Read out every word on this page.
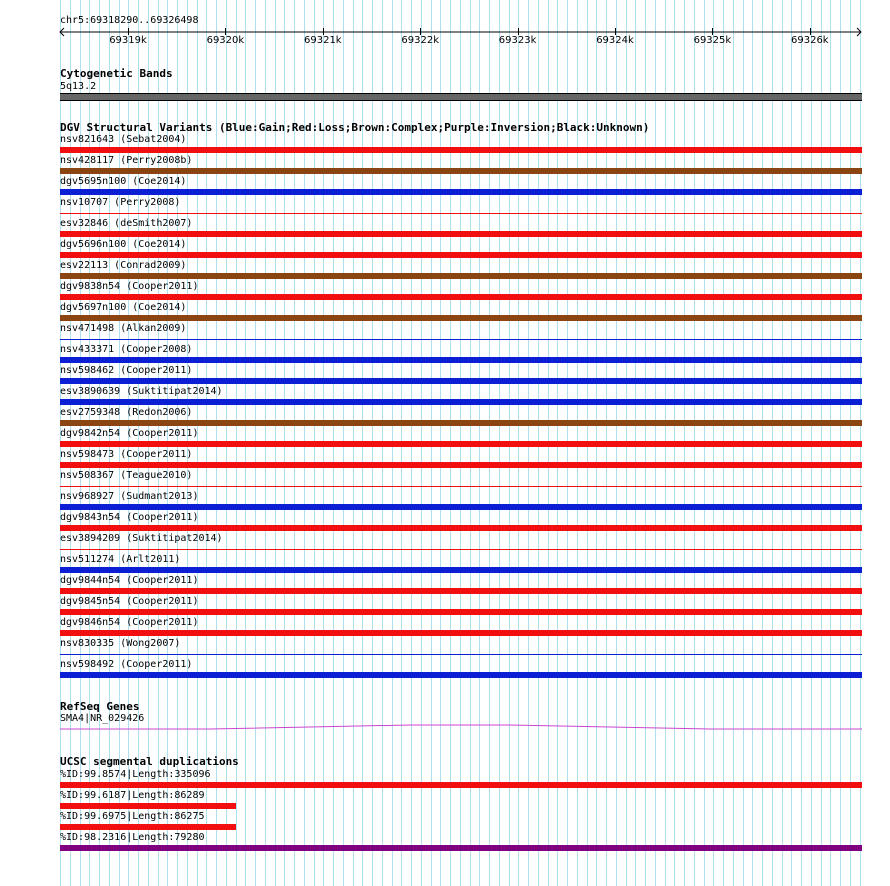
chr5:69318290..69326498
69319k	69320k	69321k	69322k	69323k	69324k	69325k	69326k
Cytogenetic Bands
5q13.2
DGV Structural Variants (Blue:Gain;Red:Loss;Brown:Complex;Purple:Inversion;Black:Unknown)
nsv821643 (Sebat2004)
nsv428117 (Perry2008b)
dgv5695n100 (Coe2014)
nsv10707 (Perry2008)
esv32846 (deSmith2007)
dgv5696n100 (Coe2014)
esv22113 (Conrad2009)
dgv9838n54 (Cooper2011)
dgv5697n100 (Coe2014)
nsv471498 (Alkan2009)
nsv433371 (Cooper2008)
nsv598462 (Cooper2011)
esv3890639 (Suktitipat2014)
esv2759348 (Redon2006)
dgv9842n54 (Cooper2011)
nsv598473 (Cooper2011)
nsv508367 (Teague2010)
nsv968927 (Sudmant2013)
dgv9843n54 (Cooper2011)
esv3894209 (Suktitipat2014)
nsv511274 (Arlt2011)
dgv9844n54 (Cooper2011)
dgv9845n54 (Cooper2011)
dgv9846n54 (Cooper2011)
nsv830335 (Wong2007)
nsv598492 (Cooper2011)
RefSeq Genes
SMA4|NR_029426
UCSC segmental duplications
%ID:99.8574|Length:335096
%ID:99.6187|Length:86289
%ID:99.6975|Length:86275
%ID:98.2316|Length:79280
